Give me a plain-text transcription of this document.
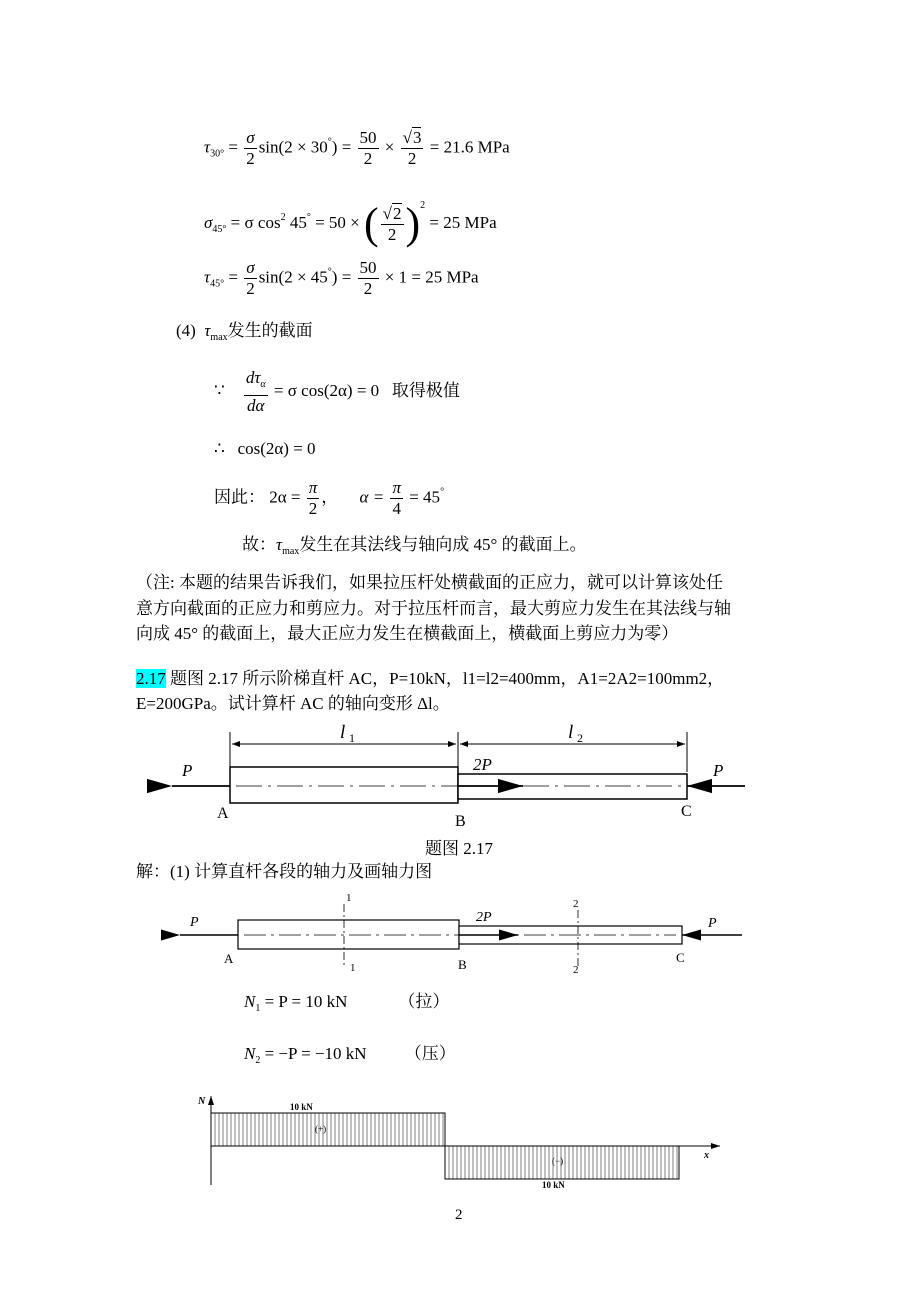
$\tau_{30^\circ} = \frac{\sigma}{2} \sin(2 \times 30^\circ) = \frac{50}{2} \times \frac{√3}{2} = 21.6$ MPa
$\sigma_{45^\circ} = \sigma$ $\cos^2 45^\circ = 50$ × ( $\frac{√2}{2} )^2 = 25$ MPa
$\tau_{45^\circ} = \frac{\sigma}{2} \sin(2 \times 45^\circ) = \frac{50}{2} \times 1 = 25$ MPa
(4) $\tau_{max}$发生的截面
∵ $\frac{d\tau_\alpha}{d\alpha} = \sigma$ cos(2α) = 0 取得极值
∴ cos(2α) = 0
因此： $2\alpha = \frac{\pi}{2}$ ， $\alpha = \frac{\pi}{4} = 45^\circ$
故：$\tau_{max}$发生在其法线与轴向成 45° 的截面上。
（注: 本题的结果告诉我们，如果拉压杆处横截面的正应力，就可以计算该处任
意方向截面的正应力和剪应力。对于拉压杆而言，最大剪应力发生在其法线与轴
向成 45° 的截面上，最大正应力发生在横截面上，横截面上剪应力为零）
2.17 题图 2.17 所示阶梯直杆 AC，P=10kN，l1=l2=400mm，A1=2A2=100mm2，
E=200GPa。试计算杆 AC 的轴向变形 Δl。
l 1	l 2
P	2P	P
A	B
C
题图 2.17
解：(1) 计算直杆各段的轴力及画轴力图
1
1
2
2
P	2P	P
A	B	C
$N_1 = P = 10$ kN	（拉）
$N_2 = -P = -10$ kN （压）
N
x
10 kN
(+)
(−)
10 kN
2
